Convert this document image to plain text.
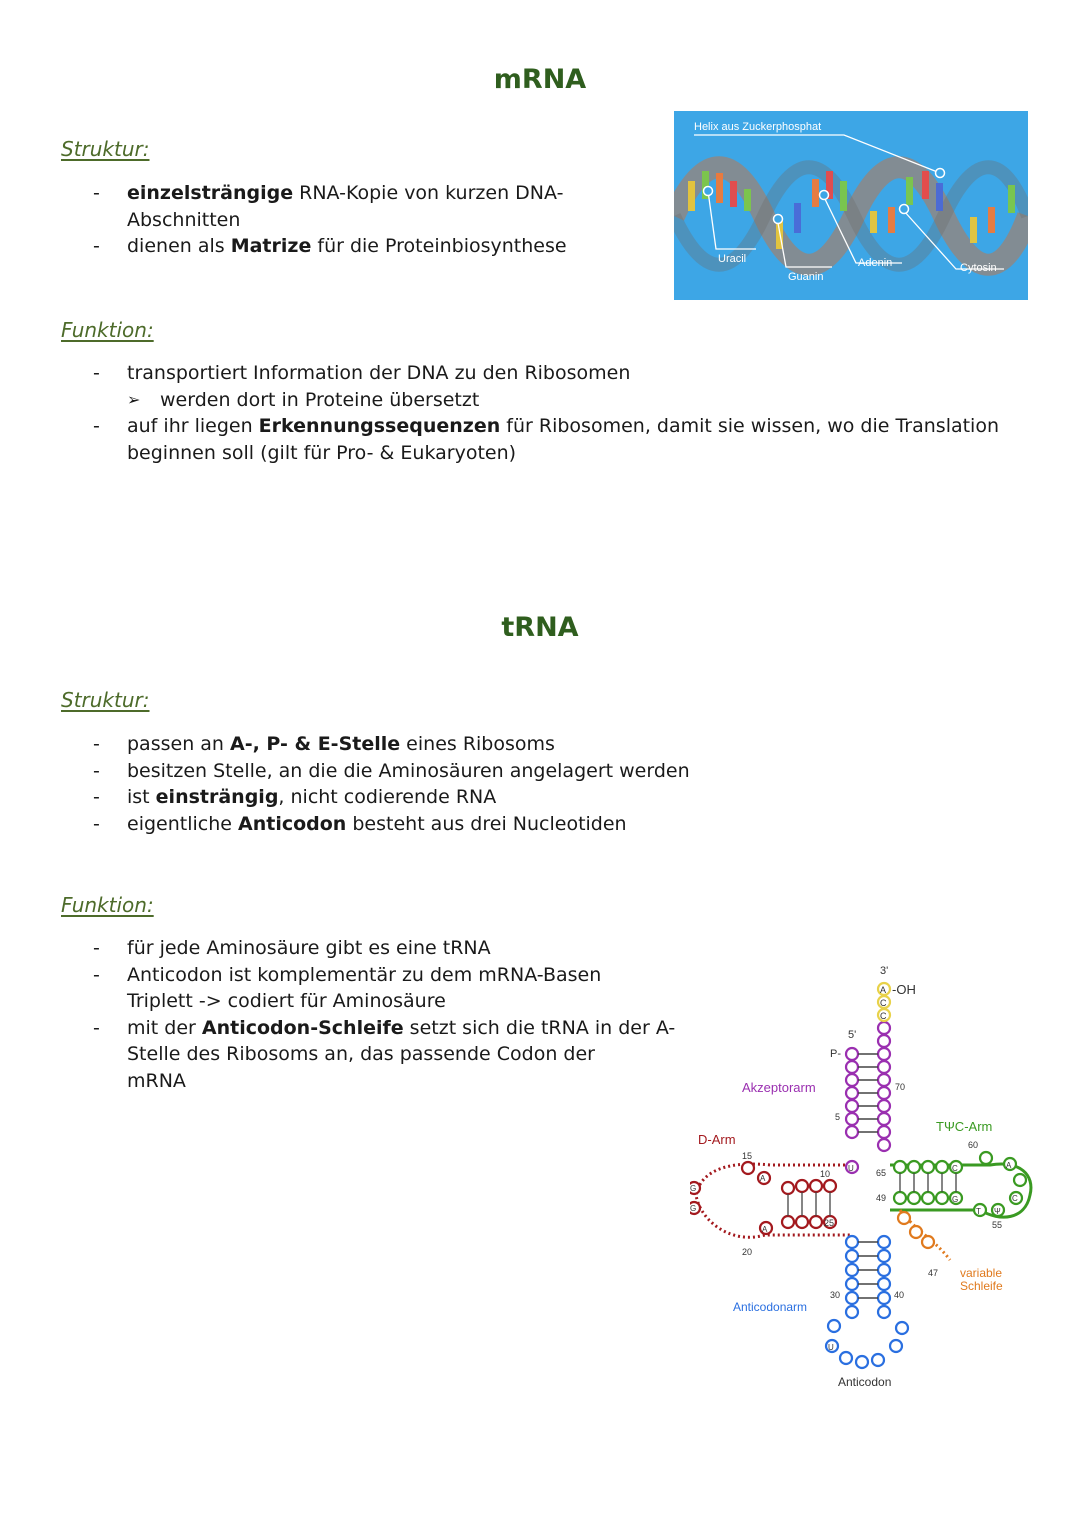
mRNA
Struktur:
- einzelsträngige RNA-Kopie von kurzen DNA-
Abschnitten
- dienen als Matrize für die Proteinbiosynthese
Helix aus Zuckerphosphat
Uracil
Guanin
Adenin	Cytosin
Funktion:
- transportiert Information der DNA zu den Ribosomen
➢ werden dort in Proteine übersetzt
- auf ihr liegen Erkennungssequenzen für Ribosomen, damit sie wissen, wo die Translation
beginnen soll (gilt für Pro- & Eukaryoten)
tRNA
Struktur:
- passen an A-, P- & E-Stelle eines Ribosoms
- besitzen Stelle, an die die Aminosäuren angelagert werden
- ist einsträngig, nicht codierende RNA
- eigentliche Anticodon besteht aus drei Nucleotiden
Funktion:
- für jede Aminosäure gibt es eine tRNA
- Anticodon ist komplementär zu dem mRNA-Basen
Triplett -> codiert für Aminosäure
- mit der Anticodon-Schleife setzt sich die tRNA in der A-
Stelle des Ribosoms an, das passende Codon der
mRNA
A
C
C
3'
-OH
5'
P-
Akzeptorarm	70
5
G
G
A
A
D-Arm
10
15
20
U	C
G
A
C
T Ψ
TΨC-Arm
60
55
65
49
variable
Schleife
47
U
Anticodonarm
25
30	40
Anticodon
